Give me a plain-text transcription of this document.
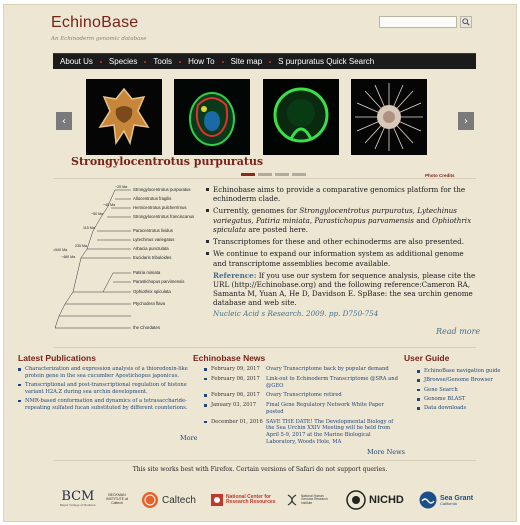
EchinoBase
An Echinoderm genomic database
About Us	Species	Tools	How To	Site map	S purpuratus Quick Search
‹	›
Strongylocentrotus purpuratus
Photo Credits
Strongylocentrotus purpuratus
Allocentrotus fragilis
Hemicentrotus pulcherrimus
Strongylocentrotus franciscanus
Paracentrotus lividus
Lytechinus variegatus
Arbacia punctulata
Eucidaris tribuloides
Patiria miniata
Parastichopus parvimensis
Ophiothrix spiculata
Ptychodera flava
the Chordates
~20 Ma
~40 Ma
~50 Ma
115 Ma
235 Ma
~480 Ma
>540 Ma
Echinobase aims to provide a comparative genomics platform for the echinoderm clade.
Currently, genomes for Strongylocentrotus purpuratus, Lytechinus variegatus, Patiria miniata, Parastichopus parvamensis and Ophiothrix spiculata are posted here.
Transcriptomes for these and other echinoderms are also presented.
We continue to expand our information system as additional genome and transcriptome assemblies become available.
Reference: If you use our system for sequence analysis, please cite the URL (http://Echinobase.org) and the following reference:Cameron RA, Samanta M, Yuan A, He D, Davidson E. SpBase: the sea urchin genome database and web site.
Nucleic Acid s Research. 2009. pp. D750-754
Read more
Latest Publications
Characterization and expression analysis of a thioredoxin-like protein gene in the sea cucumber Apostichopus japonicus.
Transcriptional and post-transcriptional regulation of histone variant H2A.Z during sea urchin development.
NMR-based conformation and dynamics of a tetrasaccharide-repeating sulfated fucan substituted by different counterions.
More
Echinobase News
February 09, 2017	Ovary Transcriptome back by popular demand
February 06, 2017	Link-out to Echinoderm Transcriptome @SRA and @GEO
February 06, 2017	Ovary Transcriptome retired
January 03, 2017	Final Gene Regulatory Network White Paper posted
December 01, 2016 SAVE THE DATE! The Developmental Biology of the Sea Urchin XXIV Meeting will be held from April 5-9, 2017 at the Marine Biological Laboratory, Woods Hole, MA
More News
User Guide
EchinoBase navigation guide
JBrowse/Genome Browser
Gene Search
Genome BLAST
Data downloads
This site works best with Firefox. Certain versions of Safari do not support queries.
BCM
Baylor College of Medicine
BECKMAN INSTITUTE at Caltech	Caltech	National Center for Research Resources
National Human Genome Research Institute	NICHD	Sea Grant
California
